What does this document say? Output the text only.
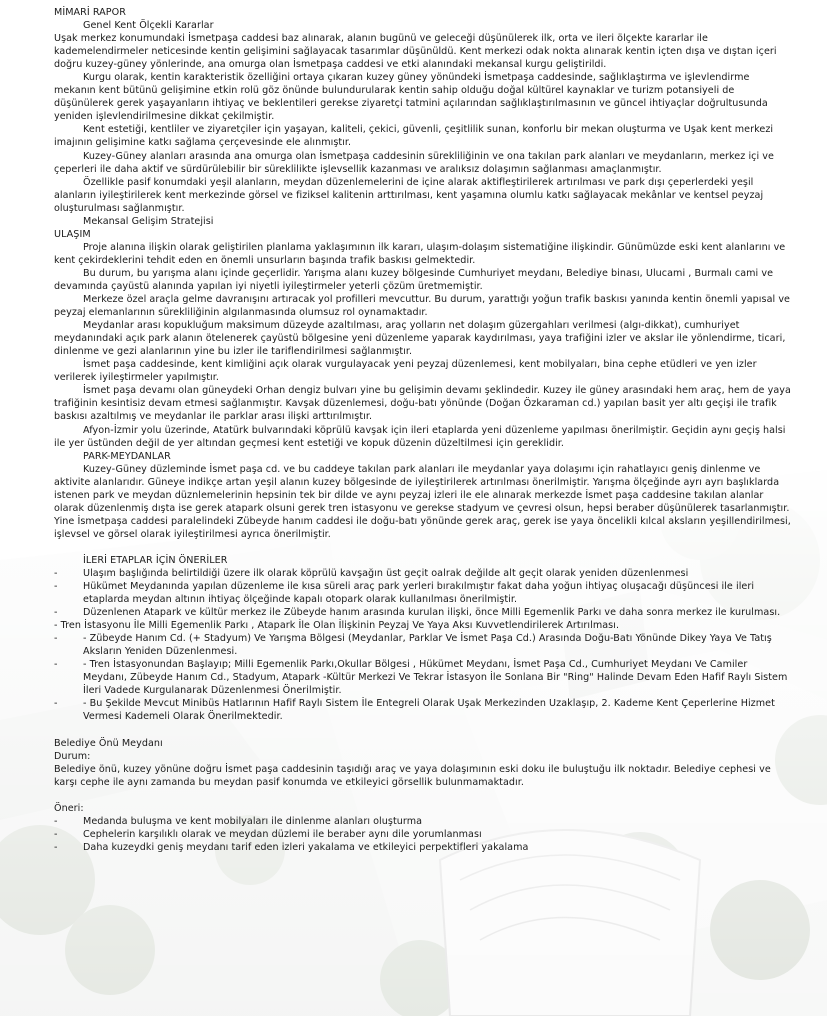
MİMARİ RAPOR

Genel Kent Ölçekli Kararlar

Uşak merkez konumundaki İsmetpaşa caddesi baz alınarak, alanın bugünü ve geleceği düşünülerek ilk, orta ve ileri ölçekte kararlar ile kademelendirmeler neticesinde kentin gelişimini sağlayacak tasarımlar düşünüldü. Kent merkezi odak nokta alınarak kentin içten dışa ve dıştan içeri doğru kuzey-güney yönlerinde, ana omurga olan İsmetpaşa caddesi ve etki alanındaki mekansal kurgu geliştirildi.

Kurgu olarak, kentin karakteristik özelliğini ortaya çıkaran kuzey güney yönündeki İsmetpaşa caddesinde, sağlıklaştırma ve işlevlendirme mekanın kent bütünü gelişimine etkin rolü göz önünde bulundurularak kentin sahip olduğu doğal kültürel kaynaklar ve turizm potansiyeli de düşünülerek gerek yaşayanların ihtiyaç ve beklentileri gerekse ziyaretçi tatmini açılarından sağlıklaştırılmasının ve güncel ihtiyaçlar doğrultusunda yeniden işlevlendirilmesine dikkat çekilmiştir.

Kent estetiği, kentliler ve ziyaretçiler için yaşayan, kaliteli, çekici, güvenli, çeşitlilik sunan, konforlu bir mekan oluşturma ve Uşak kent merkezi imajının gelişimine katkı sağlama çerçevesinde ele alınmıştır.

Kuzey-Güney alanları arasında ana omurga olan İsmetpaşa caddesinin sürekliliğinin ve ona takılan park alanları ve meydanların, merkez içi ve çeperleri ile daha aktif ve sürdürülebilir bir süreklilikte işlevsellik kazanması ve aralıksız dolaşımın sağlanması amaçlanmıştır.

Özellikle pasif konumdaki yeşil alanların, meydan düzenlemelerini de içine alarak aktifleştirilerek artırılması ve park dışı çeperlerdeki yeşil alanların iyileştirilerek kent merkezinde görsel ve fiziksel kalitenin arttırılması, kent yaşamına olumlu katkı sağlayacak mekânlar ve kentsel peyzaj oluşturulması sağlanmıştır.

Mekansal Gelişim Stratejisi

ULAŞIM

Proje alanına ilişkin olarak geliştirilen planlama yaklaşımının ilk kararı, ulaşım-dolaşım sistematiğine ilişkindir. Günümüzde eski kent alanlarını ve kent çekirdeklerini tehdit eden en önemli unsurların başında trafik baskısı gelmektedir.

Bu durum, bu yarışma alanı içinde geçerlidir. Yarışma alanı kuzey bölgesinde Cumhuriyet meydanı, Belediye binası, Ulucami , Burmalı cami ve devamında çayüstü alanında yapılan iyi niyetli iyileştirmeler yeterli çözüm üretmemiştir.

Merkeze özel araçla gelme davranışını artıracak yol profilleri mevcuttur. Bu durum, yarattığı yoğun trafik baskısı yanında kentin önemli yapısal ve peyzaj elemanlarının sürekliliğinin algılanmasında olumsuz rol oynamaktadır.

Meydanlar arası kopukluğum maksimum düzeyde azaltılması, araç yolların net dolaşım güzergahları verilmesi (algı-dikkat), cumhuriyet meydanındaki açık park alanın ötelenerek çayüstü bölgesine yeni düzenleme yaparak kaydırılması, yaya trafiğini izler ve akslar ile yönlendirme, ticari, dinlenme ve gezi alanlarının yine bu izler ile tariflendirilmesi sağlanmıştır.

İsmet paşa caddesinde, kent kimliğini açık olarak vurgulayacak yeni peyzaj düzenlemesi, kent mobilyaları, bina cephe etüdleri ve yen izler verilerek iyileştirmeler yapılmıştır.

İsmet paşa devamı olan güneydeki Orhan dengiz bulvarı yine bu gelişimin devamı şeklindedir. Kuzey ile güney arasındaki hem araç, hem de yaya trafiğinin kesintisiz devam etmesi sağlanmıştır. Kavşak düzenlemesi, doğu-batı yönünde (Doğan Özkaraman cd.) yapılan basit yer altı geçişi ile trafik baskısı azaltılmış ve meydanlar ile parklar arası ilişki arttırılmıştır.

Afyon-İzmir yolu üzerinde, Atatürk bulvarındaki köprülü kavşak için ileri etaplarda yeni düzenleme yapılması önerilmiştir. Geçidin aynı geçiş halsi ile yer üstünden değil de yer altından geçmesi kent estetiği ve kopuk düzenin düzeltilmesi için gereklidir.

PARK-MEYDANLAR

Kuzey-Güney düzleminde İsmet paşa cd. ve bu caddeye takılan park alanları ile meydanlar yaya dolaşımı için rahatlayıcı geniş dinlenme ve aktivite alanlarıdır. Güneye indikçe artan yeşil alanın kuzey bölgesinde de iyileştirilerek artırılması önerilmiştir. Yarışma ölçeğinde ayrı ayrı başlıklarda istenen park ve meydan düznlemelerinin hepsinin tek bir dilde ve aynı peyzaj izleri ile ele alınarak merkezde İsmet paşa caddesine takılan alanlar olarak düzenlenmiş dışta ise gerek atapark olsuni gerek tren istasyonu ve gerekse stadyum ve çevresi olsun, hepsi beraber düşünülerek tasarlanmıştır. Yine İsmetpaşa caddesi paralelindeki Zübeyde hanım caddesi ile doğu-batı yönünde gerek araç, gerek ise yaya öncelikli kılcal aksların yeşillendirilmesi, işlevsel ve görsel olarak iyileştirilmesi ayrıca önerilmiştir.

İLERİ ETAPLAR İÇİN ÖNERİLER

-	Ulaşım başlığında belirtildiği üzere ilk olarak köprülü kavşağın üst geçit oalrak değilde alt geçit olarak yeniden düzenlenmesi
-	Hükümet Meydanında yapılan düzenleme ile kısa süreli araç park yerleri bırakılmıştır fakat daha yoğun ihtiyaç oluşacağı düşüncesi ile ileri etaplarda meydan altının ihtiyaç ölçeğinde kapalı otopark olarak kullanılması önerilmiştir.
-	Düzenlenen Atapark ve kültür merkez ile Zübeyde hanım arasında kurulan ilişki, önce Milli Egemenlik Parkı ve daha sonra merkez ile kurulması.

- Tren İstasyonu İle Milli Egemenlik Parkı , Atapark İle Olan İlişkinin Peyzaj Ve Yaya Aksı Kuvvetlendirilerek Artırılması.

-	- Zübeyde Hanım Cd. (+ Stadyum) Ve Yarışma Bölgesi (Meydanlar, Parklar Ve İsmet Paşa Cd.) Arasında Doğu-Batı Yönünde Dikey Yaya Ve Tatış Aksların Yeniden Düzenlenmesi.
-	- Tren İstasyonundan Başlayıp; Milli Egemenlik Parkı,Okullar Bölgesi , Hükümet Meydanı, İsmet Paşa Cd., Cumhuriyet Meydanı Ve Camiler Meydanı, Zübeyde Hanım Cd., Stadyum, Atapark -Kültür Merkezi Ve Tekrar İstasyon İle Sonlana Bir "Ring" Halinde Devam Eden Hafif Raylı Sistem İleri Vadede Kurgulanarak Düzenlenmesi Önerilmiştir.
-	- Bu Şekilde Mevcut Minibüs Hatlarının Hafif Raylı Sistem İle Entegreli Olarak Uşak Merkezinden Uzaklaşıp, 2. Kademe Kent Çeperlerine Hizmet Vermesi Kademeli Olarak Önerilmektedir.

Belediye Önü Meydanı

Durum:

Belediye önü, kuzey yönüne doğru İsmet paşa caddesinin taşıdığı araç ve yaya dolaşımının eski doku ile buluştuğu ilk noktadır. Belediye cephesi ve karşı cephe ile aynı zamanda bu meydan pasif konumda ve etkileyici görsellik bulunmamaktadır.

Öneri:

-	Medanda buluşma ve kent mobilyaları ile dinlenme alanları oluşturma
-	Cephelerin karşılıklı olarak ve meydan düzlemi ile beraber aynı dile yorumlanması
-	Daha kuzeydki geniş meydanı tarif eden izleri yakalama ve etkileyici perpektifleri yakalama
